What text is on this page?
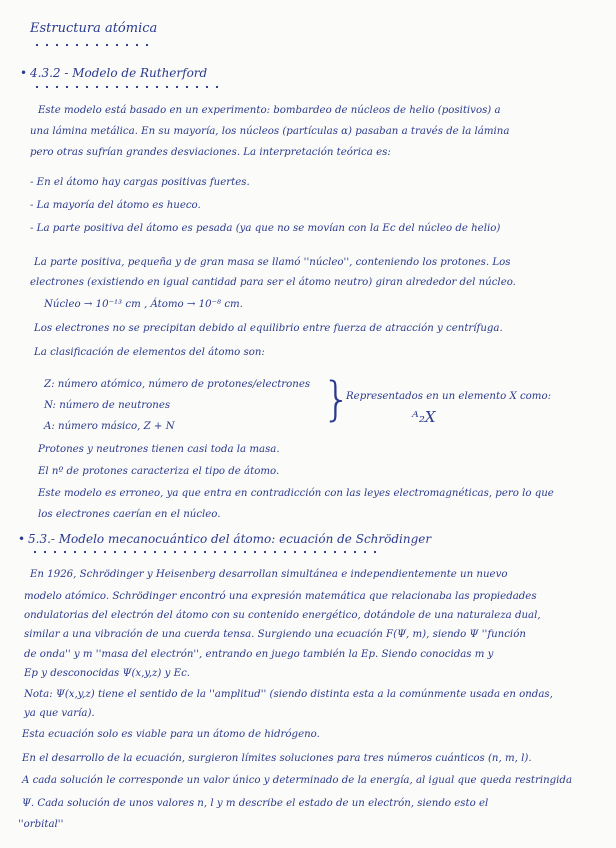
Estructura atómica
• 4.3.2 - Modelo de Rutherford
Este modelo está basado en un experimento: bombardeo de núcleos de helio (positivos) a
una lámina metálica. En su mayoría, los núcleos (partículas α) pasaban a través de la lámina
pero otras sufrían grandes desviaciones. La interpretación teórica es:
- En el átomo hay cargas positivas fuertes.
- La mayoría del átomo es hueco.
- La parte positiva del átomo es pesada (ya que no se movían con la Ec del núcleo de helio)
La parte positiva, pequeña y de gran masa se llamó ''núcleo'', conteniendo los protones. Los
electrones (existiendo en igual cantidad para ser el átomo neutro) giran alrededor del núcleo.
Núcleo → 10⁻¹³ cm , Átomo → 10⁻⁸ cm.
Los electrones no se precipitan debido al equilibrio entre fuerza de atracción y centrífuga.
La clasificación de elementos del átomo son:
Z: número atómico, número de protones/electrones
N: número de neutrones
A: número másico, Z + N
}
Representados en un elemento X como:
ᴬ₂X
Protones y neutrones tienen casi toda la masa.
El nº de protones caracteriza el tipo de átomo.
Este modelo es erroneo, ya que entra en contradicción con las leyes electromagnéticas, pero lo que
los electrones caerían en el núcleo.
• 5.3.- Modelo mecanocuántico del átomo: ecuación de Schrödinger
En 1926, Schrödinger y Heisenberg desarrollan simultánea e independientemente un nuevo
modelo atómico. Schrödinger encontró una expresión matemática que relacionaba las propiedades
ondulatorias del electrón del átomo con su contenido energético, dotándole de una naturaleza dual,
similar a una vibración de una cuerda tensa. Surgiendo una ecuación F(Ψ, m), siendo Ψ ''función
de onda'' y m ''masa del electrón'', entrando en juego también la Ep. Siendo conocidas m y
Ep y desconocidas Ψ(x,y,z) y Ec.
Nota: Ψ(x,y,z) tiene el sentido de la ''amplitud'' (siendo distinta esta a la comúnmente usada en ondas,
ya que varía).
Esta ecuación solo es viable para un átomo de hidrógeno.
En el desarrollo de la ecuación, surgieron límites soluciones para tres números cuánticos (n, m, l).
A cada solución le corresponde un valor único y determinado de la energía, al igual que queda restringida
Ψ. Cada solución de unos valores n, l y m describe el estado de un electrón, siendo esto el
''orbital''
